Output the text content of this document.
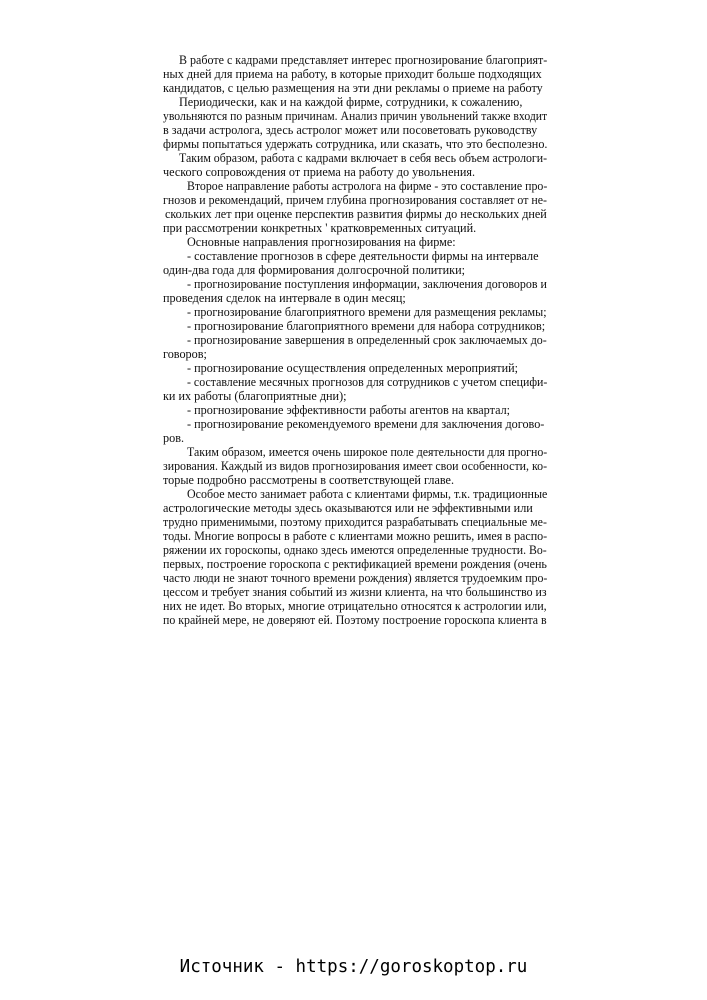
В работе с кадрами представляет интерес прогнозирование благоприят-

ных дней для приема на работу, в которые приходит больше подходящих

кандидатов, с целью размещения на эти дни рекламы о приеме на работу

Периодически, как и на каждой фирме, сотрудники, к сожалению,

увольняются по разным причинам. Анализ причин увольнений также входит

в задачи астролога, здесь астролог может или посоветовать руководству

фирмы попытаться удержать сотрудника, или сказать, что это бесполезно.

Таким образом, работа с кадрами включает в себя весь объем астрологи-

ческого сопровождения от приема на работу до увольнения.

Второе направление работы астролога на фирме - это составление про-

гнозов и рекомендаций, причем глубина прогнозирования составляет от не-

скольких лет при оценке перспектив развития фирмы до нескольких дней

при рассмотрении конкретных ' кратковременных ситуаций.

Основные направления прогнозирования на фирме:

- составление прогнозов в сфере деятельности фирмы на интервале

один-два года для формирования долгосрочной политики;

- прогнозирование поступления информации, заключения договоров и

проведения сделок на интервале в один месяц;

- прогнозирование благоприятного времени для размещения рекламы;

- прогнозирование благоприятного времени для набора сотрудников;

- прогнозирование завершения в определенный срок заключаемых до-

говоров;

- прогнозирование осуществления определенных мероприятий;

- составление месячных прогнозов для сотрудников с учетом специфи-

ки их работы (благоприятные дни);

- прогнозирование эффективности работы агентов на квартал;

- прогнозирование рекомендуемого времени для заключения догово-

ров.

Таким образом, имеется очень широкое поле деятельности для прогно-

зирования. Каждый из видов прогнозирования имеет свои особенности, ко-

торые подробно рассмотрены в соответствующей главе.

Особое место занимает работа с клиентами фирмы, т.к. традиционные

астрологические методы здесь оказываются или не эффективными или

трудно применимыми, поэтому приходится разрабатывать специальные ме-

тоды. Многие вопросы в работе с клиентами можно решить, имея в распо-

ряжении их гороскопы, однако здесь имеются определенные трудности. Во-

первых, построение гороскопа с ректификацией времени рождения (очень

часто люди не знают точного времени рождения) является трудоемким про-

цессом и требует знания событий из жизни клиента, на что большинство из

них не идет. Во вторых, многие отрицательно относятся к астрологии или,

по крайней мере, не доверяют ей. Поэтому построение гороскопа клиента в

Источник - https://goroskoptop.ru
